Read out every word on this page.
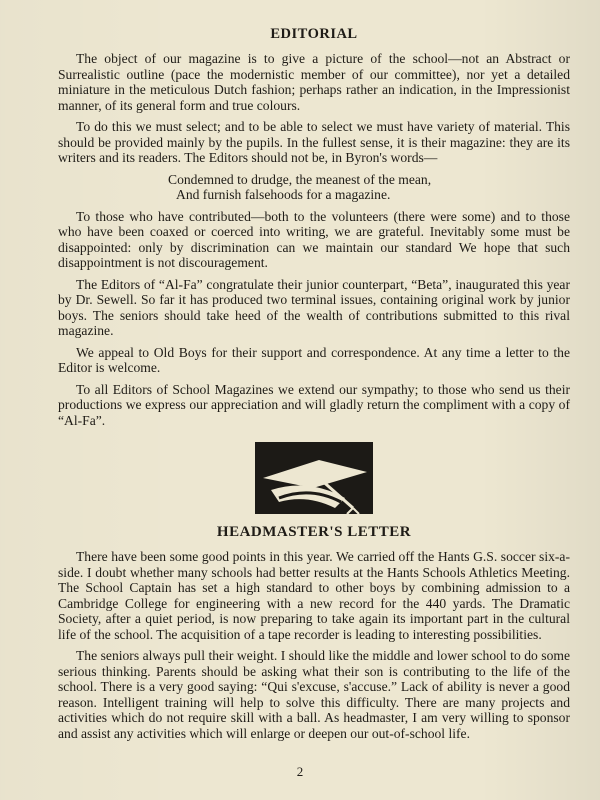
EDITORIAL

The object of our magazine is to give a picture of the school—not an Abstract or Surrealistic outline (pace the modernistic member of our committee), nor yet a detailed miniature in the meticulous Dutch fashion; perhaps rather an indication, in the Impressionist manner, of its general form and true colours.

To do this we must select; and to be able to select we must have variety of material. This should be provided mainly by the pupils. In the fullest sense, it is their magazine: they are its writers and its readers. The Editors should not be, in Byron's words—

Condemned to drudge, the meanest of the mean,
And furnish falsehoods for a magazine.

To those who have contributed—both to the volunteers (there were some) and to those who have been coaxed or coerced into writing, we are grateful. Inevitably some must be disappointed: only by discrimination can we maintain our standard We hope that such disappointment is not discouragement.

The Editors of “Al-Fa” congratulate their junior counterpart, “Beta”, inaugurated this year by Dr. Sewell. So far it has produced two terminal issues, containing original work by junior boys. The seniors should take heed of the wealth of contributions submitted to this rival magazine.

We appeal to Old Boys for their support and correspondence. At any time a letter to the Editor is welcome.

To all Editors of School Magazines we extend our sympathy; to those who send us their productions we express our appreciation and will gladly return the compliment with a copy of “Al-Fa”.

HEADMASTER'S LETTER

There have been some good points in this year. We carried off the Hants G.S. soccer six-a-side. I doubt whether many schools had better results at the Hants Schools Athletics Meeting. The School Captain has set a high standard to other boys by combining admission to a Cambridge College for engineering with a new record for the 440 yards. The Dramatic Society, after a quiet period, is now preparing to take again its important part in the cultural life of the school. The acquisition of a tape recorder is leading to interesting possibilities.

The seniors always pull their weight. I should like the middle and lower school to do some serious thinking. Parents should be asking what their son is contributing to the life of the school. There is a very good saying: “Qui s'excuse, s'accuse.” Lack of ability is never a good reason. Intelligent training will help to solve this difficulty. There are many projects and activities which do not require skill with a ball. As headmaster, I am very willing to sponsor and assist any activities which will enlarge or deepen our out-of-school life.

2
